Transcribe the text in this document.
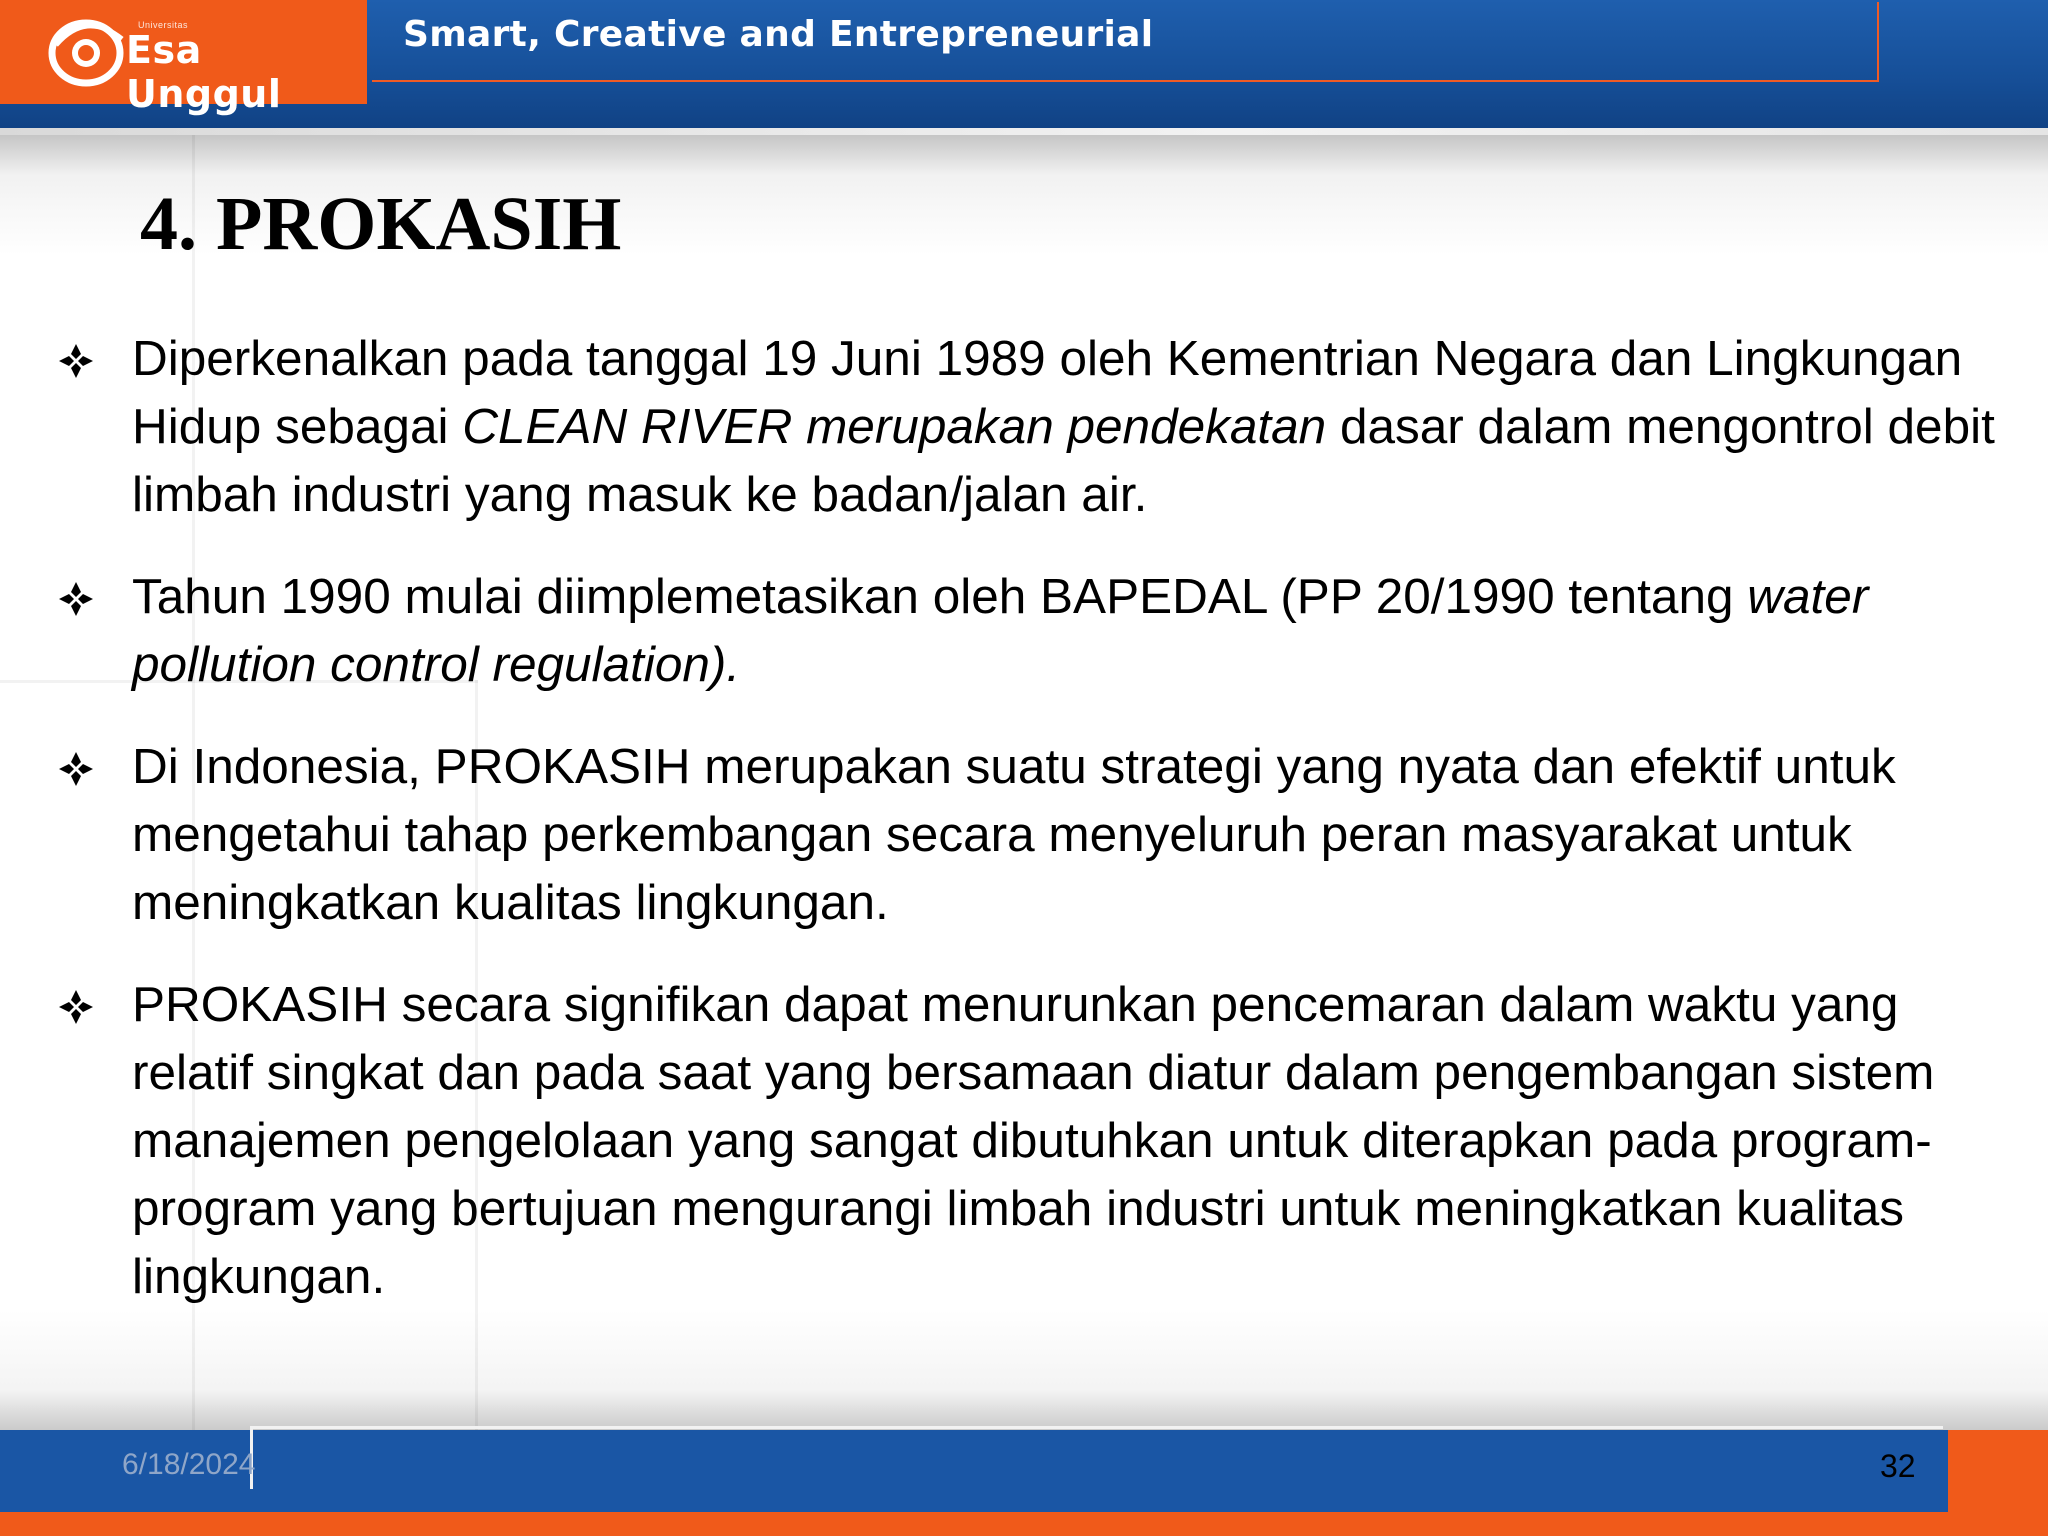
Universitas
Esa Unggul
Smart, Creative and Entrepreneurial
4. PROKASIH
Diperkenalkan pada tanggal 19 Juni 1989 oleh Kementrian Negara dan Lingkungan Hidup sebagai CLEAN RIVER merupakan pendekatan dasar dalam mengontrol debit limbah industri yang masuk ke badan/jalan air.
Tahun 1990 mulai diimplemetasikan oleh BAPEDAL (PP 20/1990 tentang water pollution control regulation).
Di Indonesia, PROKASIH merupakan suatu strategi yang nyata dan efektif untuk mengetahui tahap perkembangan secara menyeluruh peran masyarakat untuk meningkatkan kualitas lingkungan.
PROKASIH secara signifikan dapat menurunkan pencemaran dalam waktu yang relatif singkat dan pada saat yang bersamaan diatur dalam pengembangan sistem manajemen pengelolaan yang sangat dibutuhkan untuk diterapkan pada program-program yang bertujuan mengurangi limbah industri untuk meningkatkan kualitas lingkungan.
6/18/2024	32
